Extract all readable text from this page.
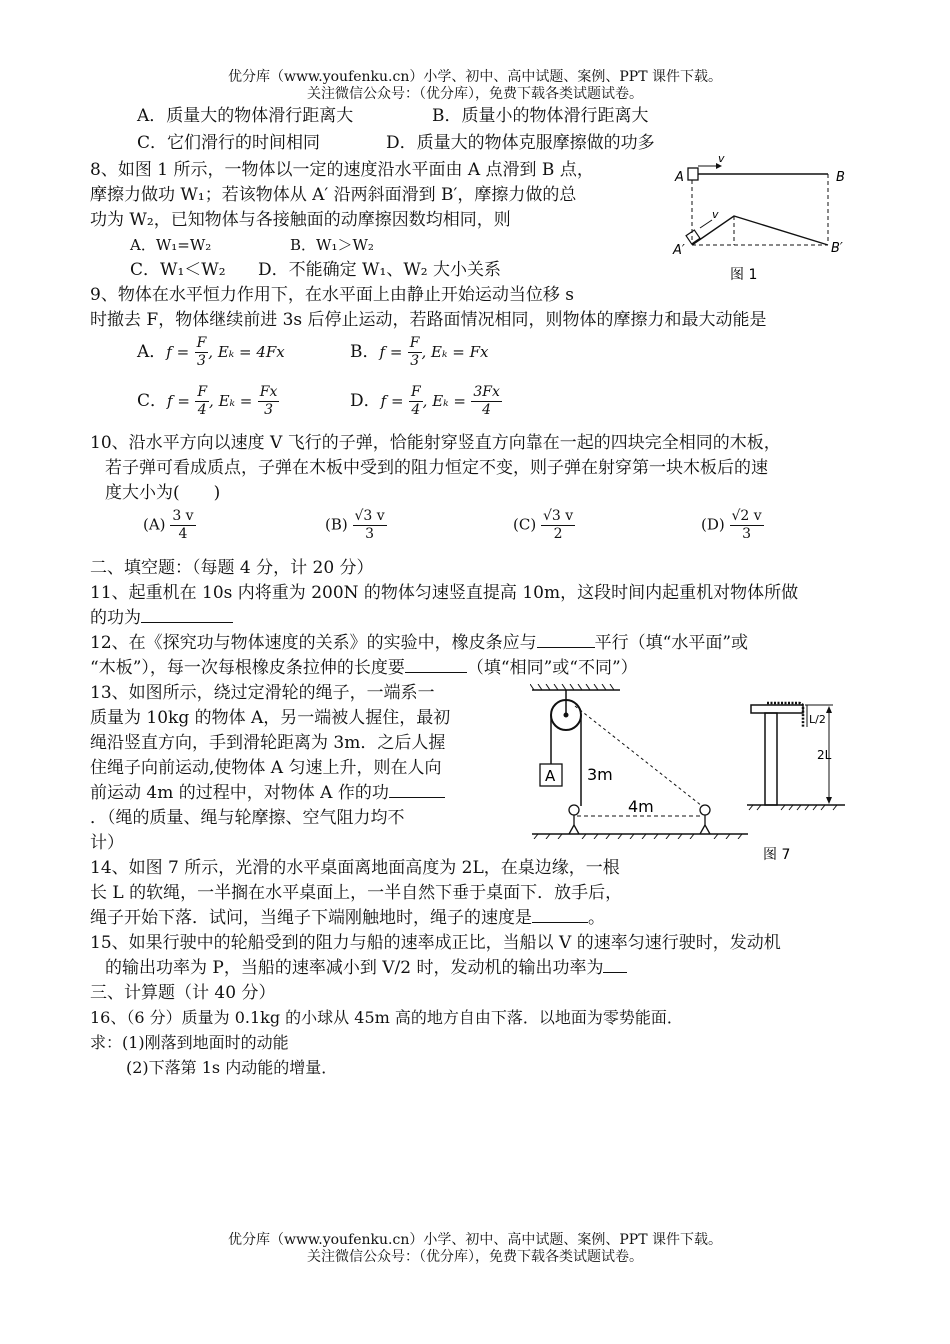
优分库（www.youfenku.cn）小学、初中、高中试题、案例、PPT 课件下载。
关注微信公众号：（优分库），免费下载各类试题试卷。
A．质量大的物体滑行距离大	B．质量小的物体滑行距离大
C．它们滑行的时间相同	D．质量大的物体克服摩擦做的功多
8、如图 1 所示，一物体以一定的速度沿水平面由 A 点滑到 B 点，
摩擦力做功 W₁；若该物体从 A′ 沿两斜面滑到 B′，摩擦力做的总
功为 W₂，已知物体与各接触面的动摩擦因数均相同，则
A．W₁=W₂	B．W₁＞W₂
C．W₁＜W₂ D．不能确定 W₁、W₂ 大小关系
v
A	B
v
A′	B′
图 1
9、物体在水平恒力作用下，在水平面上由静止开始运动当位移 s
时撤去 F，物体继续前进 3s 后停止运动，若路面情况相同，则物体的摩擦力和最大动能是
A．$f = \frac{F}{3}$ , Eₖ = 4Fx	B．$f = \frac{F}{3}$ , Eₖ = Fx
C．$f = \frac{F}{4}$ , $E_k = \frac{Fx}{3}$	D．$f = \frac{F}{4}$ , $E_k = \frac{3Fx}{4}$
10、沿水平方向以速度 V 飞行的子弹，恰能射穿竖直方向靠在一起的四块完全相同的木板，
若子弹可看成质点，子弹在木板中受到的阻力恒定不变，则子弹在射穿第一块木板后的速
度大小为(　　)
$(A) \frac{3 v}{4}$	$(B) \frac{√3 v}{3}$	$(C) \frac{√3 v}{2}$	$(D) \frac{√2 v}{3}$
二、填空题：（每题 4 分，计 20 分）
11、起重机在 10s 内将重为 200N 的物体匀速竖直提高 10m，这段时间内起重机对物体所做
的功为
12、在《探究功与物体速度的关系》的实验中，橡皮条应与	平行（填“水平面”或
“木板”），每一次每根橡皮条拉伸的长度要	（填“相同”或“不同”）
13、如图所示，绕过定滑轮的绳子，一端系一
质量为 10kg 的物体 A，另一端被人握住，最初
绳沿竖直方向，手到滑轮距离为 3m．之后人握
住绳子向前运动,使物体 A 匀速上升，则在人向
前运动 4m 的过程中，对物体 A 作的功
．（绳的质量、绳与轮摩擦、空气阻力均不
计）
A 3m
4m
L/2
2L
图 7
14、如图 7 所示，光滑的水平桌面离地面高度为 2L，在桌边缘，一根
长 L 的软绳，一半搁在水平桌面上，一半自然下垂于桌面下．放手后，
绳子开始下落．试问，当绳子下端刚触地时，绳子的速度是	。
15、如果行驶中的轮船受到的阻力与船的速率成正比，当船以 V 的速率匀速行驶时，发动机
的输出功率为 P，当船的速率减小到 V/2 时，发动机的输出功率为
三、计算题（计 40 分）
16、（6 分）质量为 0.1kg 的小球从 45m 高的地方自由下落．以地面为零势能面．
求：(1)刚落到地面时的动能
(2)下落第 1s 内动能的增量．
优分库（www.youfenku.cn）小学、初中、高中试题、案例、PPT 课件下载。
关注微信公众号：（优分库），免费下载各类试题试卷。
